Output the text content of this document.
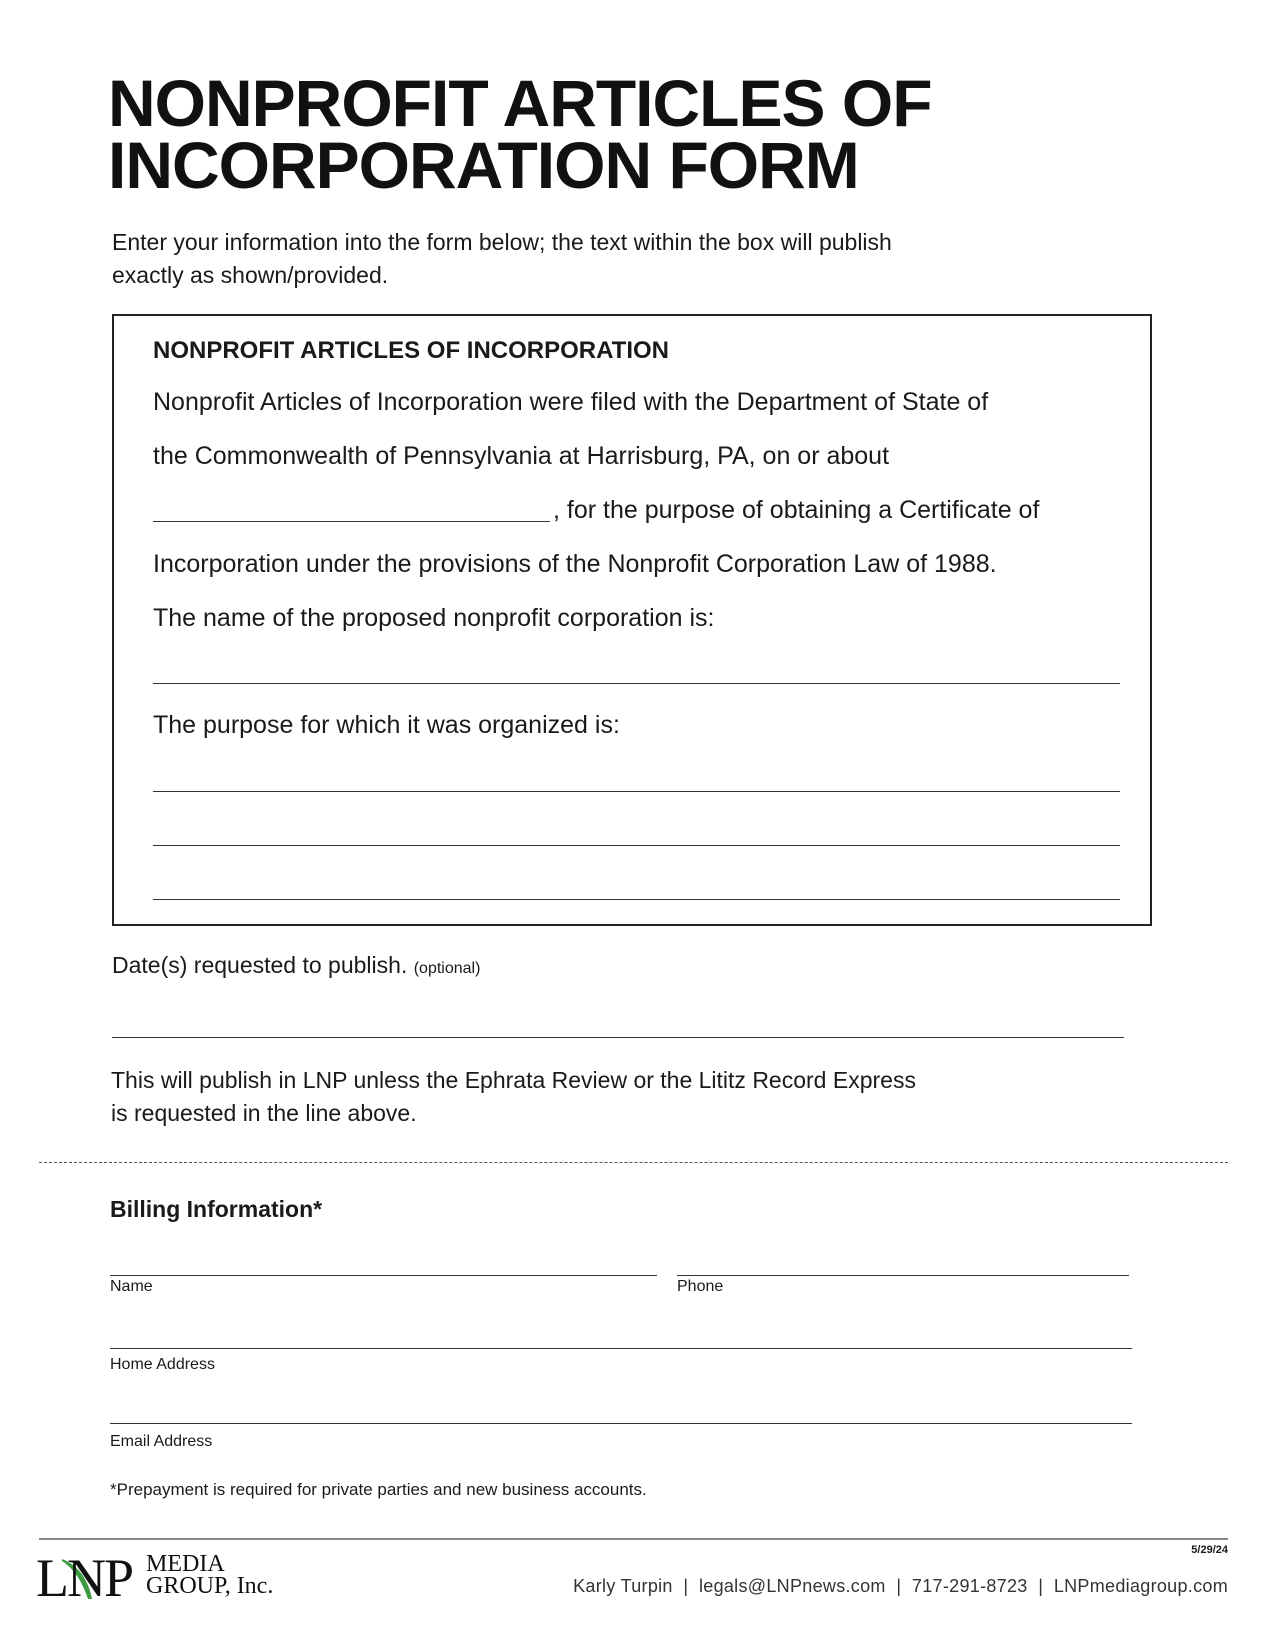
NONPROFIT ARTICLES OF
INCORPORATION FORM
Enter your information into the form below; the text within the box will publish
exactly as shown/provided.
NONPROFIT ARTICLES OF INCORPORATION
Nonprofit Articles of Incorporation were filed with the Department of State of
the Commonwealth of Pennsylvania at Harrisburg, PA, on or about
, for the purpose of obtaining a Certificate of
Incorporation under the provisions of the Nonprofit Corporation Law of 1988.
The name of the proposed nonprofit corporation is:
The purpose for which it was organized is:
Date(s) requested to publish. (optional)
This will publish in LNP unless the Ephrata Review or the Lititz Record Express
is requested in the line above.
Billing Information*
Name	Phone
Home Address
Email Address
*Prepayment is required for private parties and new business accounts.
5/29/24
LNP MEDIA
GROUP, Inc.	Karly Turpin | legals@LNPnews.com | 717-291-8723 | LNPmediagroup.com
